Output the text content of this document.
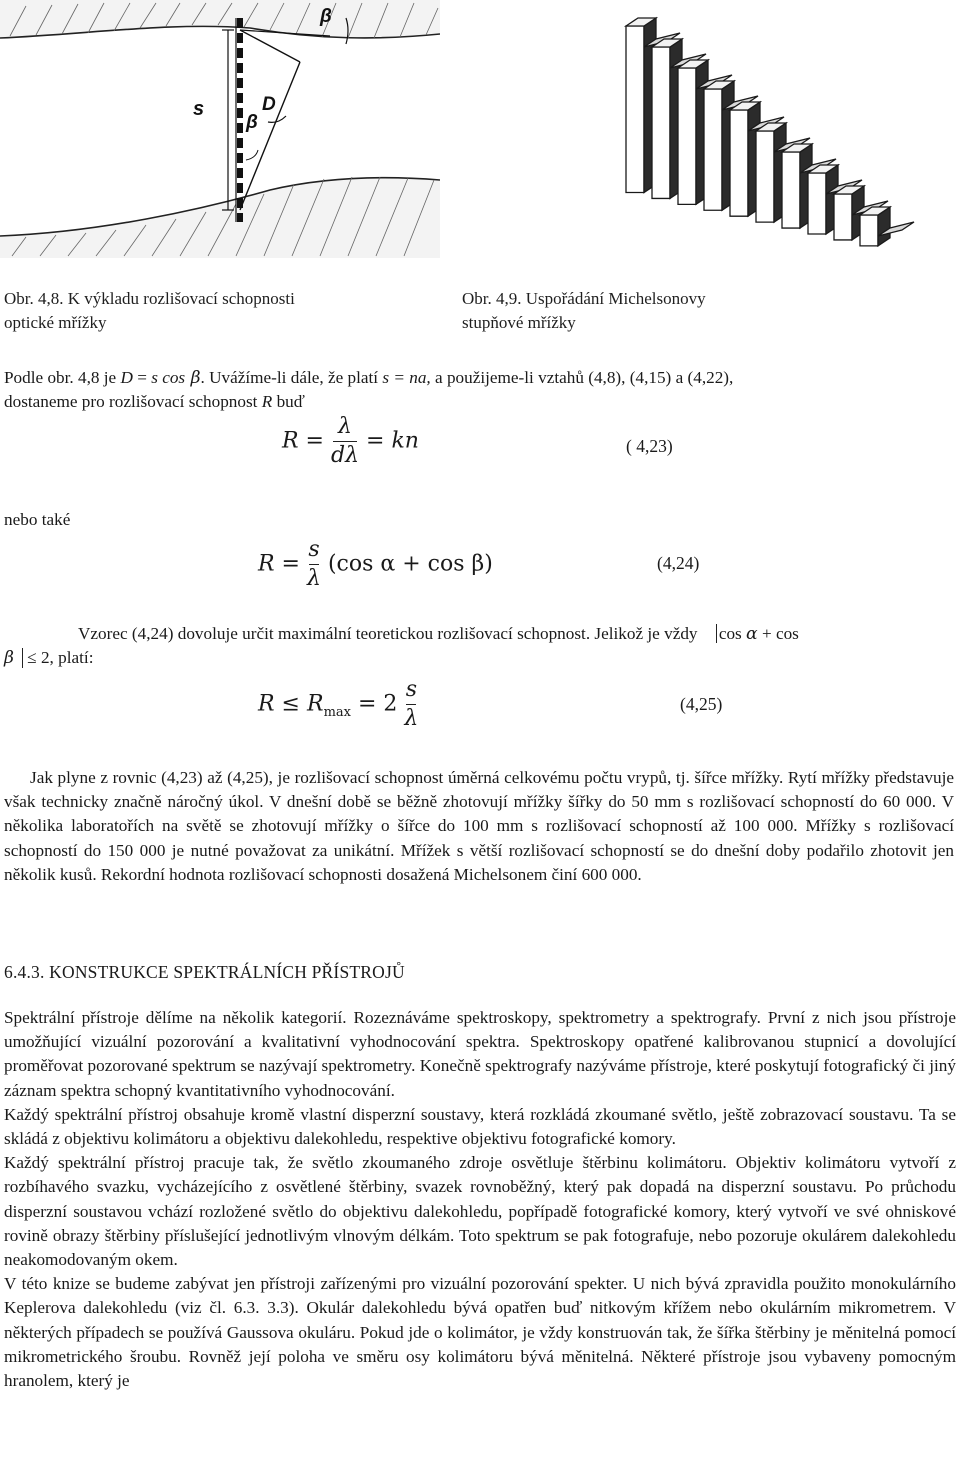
s
β
D
β
Obr. 4,8. K výkladu rozlišovací schopnosti
optické mřížky
Obr. 4,9. Uspořádání Michelsonovy
stupňové mřížky
Podle obr. 4,8 je D = s cos β. Uvážíme-li dále, že platí s = na, a použijeme-li vztahů (4,8), (4,15) a (4,22),
dostaneme pro rozlišovací schopnost R buď
$R = \frac{\lambda}{d\lambda}$ = kn	( 4,23)
nebo také
$R = \frac{s}{\lambda} (\cos$ α + cos β)	(4,24)
Vzorec (4,24) dovoluje určit maximální teoretickou rozlišovací schopnost. Jelikož je vždy cos α + cos
β ≤ 2, platí:
$R \le R_{max} = 2 \frac{s}{\lambda}$	(4,25)

Jak plyne z rovnic (4,23) až (4,25), je rozlišovací schopnost úměrná celkovému počtu vrypů, tj. šířce mřížky. Rytí mřížky představuje však technicky značně náročný úkol. V dnešní době se běžně zhotovují mřížky šířky do 50 mm s rozlišovací schopností do 60 000. V několika laboratořích na světě se zhotovují mřížky o šířce do 100 mm s rozlišovací schopností až 100 000. Mřížky s rozlišovací schopností do 150 000 je nutné považovat za unikátní. Mřížek s větší rozlišovací schopností se do dnešní doby podařilo zhotovit jen několik kusů. Rekordní hodnota rozlišovací schopnosti dosažená Michelsonem činí 600 000.

6.4.3. KONSTRUKCE SPEKTRÁLNÍCH PŘÍSTROJŮ

Spektrální přístroje dělíme na několik kategorií. Rozeznáváme spektroskopy, spektrometry a spektrografy. První z nich jsou přístroje umožňující vizuální pozorování a kvalitativní vyhodnocování spektra. Spektroskopy opatřené kalibrovanou stupnicí a dovolující proměřovat pozorované spektrum se nazývají spektrometry. Konečně spektrografy nazýváme přístroje, které poskytují fotografický či jiný záznam spektra schopný kvantitativního vyhodnocování.

Každý spektrální přístroj obsahuje kromě vlastní disperzní soustavy, která rozkládá zkoumané světlo, ještě zobrazovací soustavu. Ta se skládá z objektivu kolimátoru a objektivu dalekohledu, respektive objektivu fotografické komory.

Každý spektrální přístroj pracuje tak, že světlo zkoumaného zdroje osvětluje štěrbinu kolimátoru. Objektiv kolimátoru vytvoří z rozbíhavého svazku, vycházejícího z osvětlené štěrbiny, svazek rovnoběžný, který pak dopadá na disperzní soustavu. Po průchodu disperzní soustavou vchází rozložené světlo do objektivu dalekohledu, popřípadě fotografické komory, který vytvoří ve své ohniskové rovině obrazy štěrbiny příslušející jednotlivým vlnovým délkám. Toto spektrum se pak fotografuje, nebo pozoruje okulárem dalekohledu neakomodovaným okem.

V této knize se budeme zabývat jen přístroji zařízenými pro vizuální pozorování spekter. U nich bývá zpravidla použito monokulárního Keplerova dalekohledu (viz čl. 6.3. 3.3). Okulár dalekohledu bývá opatřen buď nitkovým křížem nebo okulárním mikrometrem. V některých případech se používá Gaussova okuláru. Pokud jde o kolimátor, je vždy konstruován tak, že šířka štěrbiny je měnitelná pomocí mikrometrického šroubu. Rovněž její poloha ve směru osy kolimátoru bývá měnitelná. Některé přístroje jsou vybaveny pomocným hranolem, který je
